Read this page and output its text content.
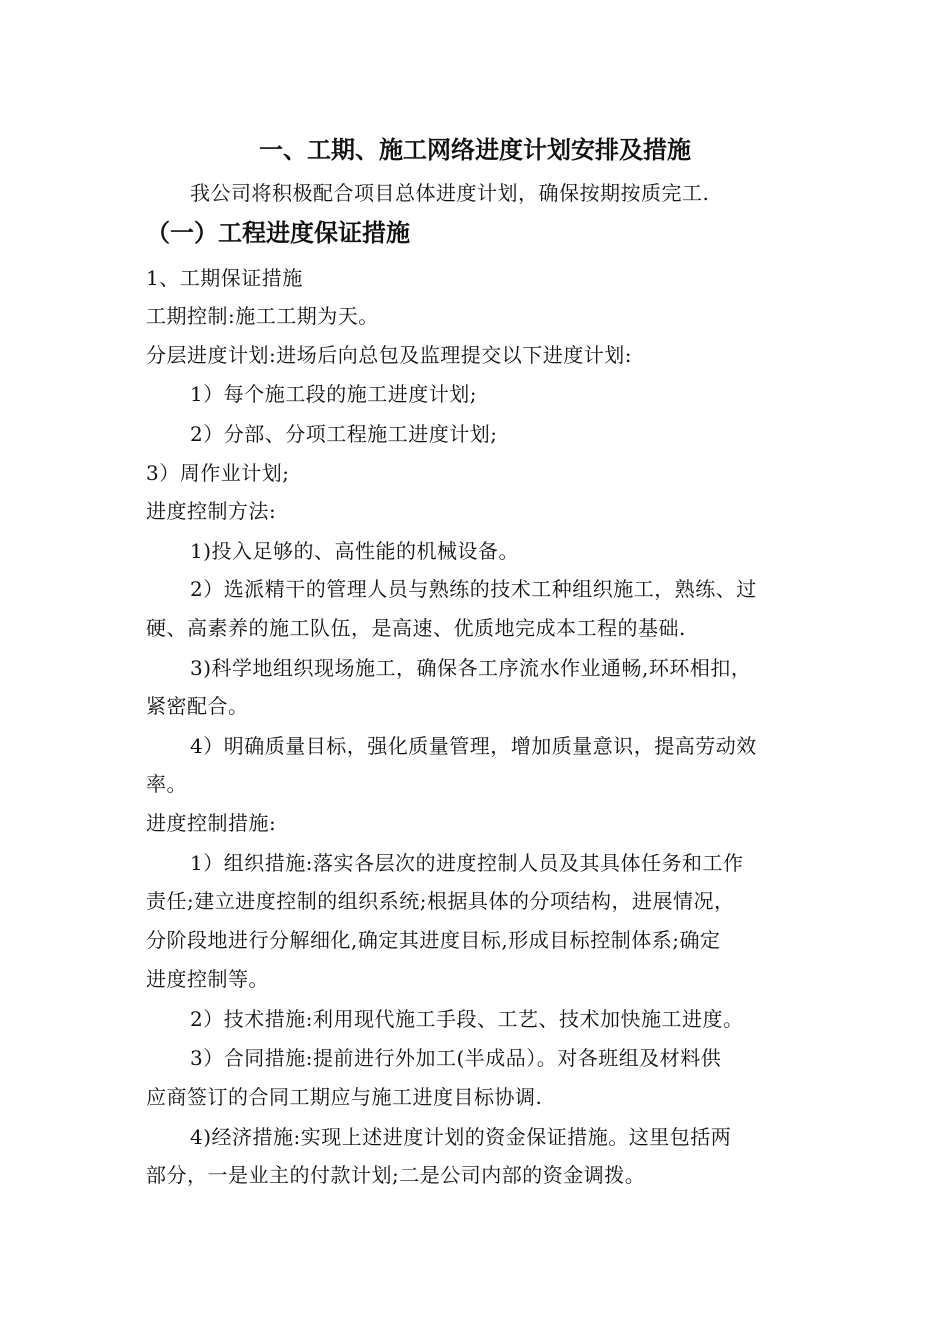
一、工期、施工网络进度计划安排及措施
我公司将积极配合项目总体进度计划，确保按期按质完工.
（一）工程进度保证措施
1、工期保证措施
工期控制:施工工期为天。
分层进度计划:进场后向总包及监理提交以下进度计划:
1）每个施工段的施工进度计划;
2）分部、分项工程施工进度计划;
3）周作业计划;
进度控制方法:
1)投入足够的、高性能的机械设备。
2）选派精干的管理人员与熟练的技术工种组织施工，熟练、过
硬、高素养的施工队伍，是高速、优质地完成本工程的基础.
3)科学地组织现场施工，确保各工序流水作业通畅,环环相扣，
紧密配合。
4）明确质量目标，强化质量管理，增加质量意识，提高劳动效
率。
进度控制措施:
1）组织措施:落实各层次的进度控制人员及其具体任务和工作
责任;建立进度控制的组织系统;根据具体的分项结构，进展情况，
分阶段地进行分解细化,确定其进度目标,形成目标控制体系;确定
进度控制等。
2）技术措施:利用现代施工手段、工艺、技术加快施工进度。
3）合同措施:提前进行外加工(半成品）。对各班组及材料供
应商签订的合同工期应与施工进度目标协调.
4)经济措施:实现上述进度计划的资金保证措施。这里包括两
部分，一是业主的付款计划;二是公司内部的资金调拨。
